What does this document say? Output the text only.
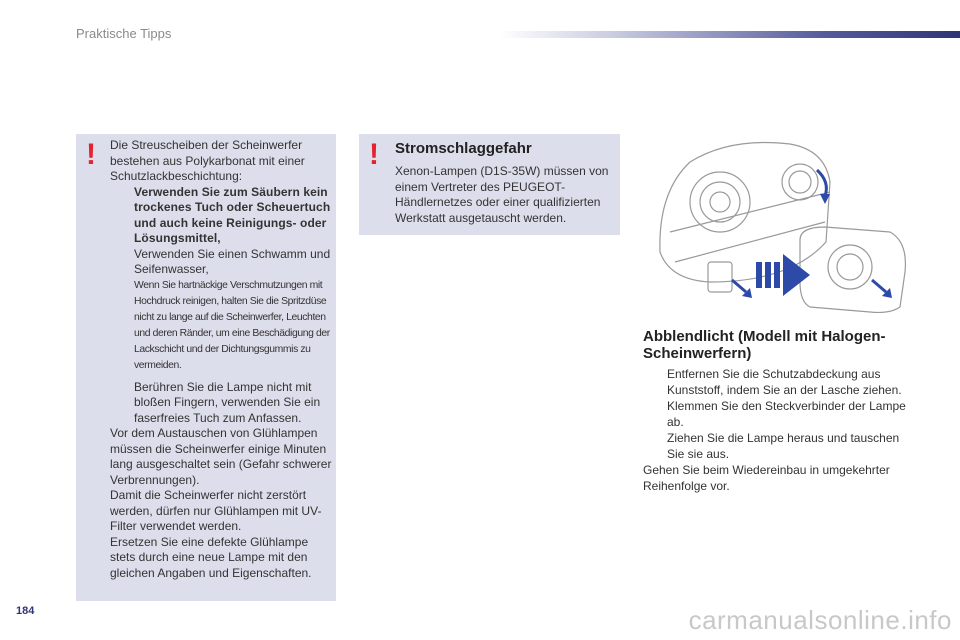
Praktische Tipps
! Die Streuscheiben der Scheinwerfer bestehen aus Polykarbonat mit einer Schutzlackbeschichtung:
Verwenden Sie zum Säubern kein trockenes Tuch oder Scheuertuch und auch keine Reinigungs- oder Lösungsmittel,
Verwenden Sie einen Schwamm und Seifenwasser,
Wenn Sie hartnäckige Verschmutzungen mit Hochdruck reinigen, halten Sie die Spritzdüse nicht zu lange auf die Scheinwerfer, Leuchten und deren Ränder, um eine Beschädigung der Lackschicht und der Dichtungsgummis zu vermeiden.
Berühren Sie die Lampe nicht mit bloßen Fingern, verwenden Sie ein faserfreies Tuch zum Anfassen.
Vor dem Austauschen von Glühlampen müssen die Scheinwerfer einige Minuten lang ausgeschaltet sein (Gefahr schwerer Verbrennungen).
Damit die Scheinwerfer nicht zerstört werden, dürfen nur Glühlampen mit UV-Filter verwendet werden.
Ersetzen Sie eine defekte Glühlampe stets durch eine neue Lampe mit den gleichen Angaben und Eigenschaften.
! Stromschlaggefahr
Xenon-Lampen (D1S-35W) müssen von einem Vertreter des PEUGEOT-Händlernetzes oder einer qualifizierten Werkstatt ausgetauscht werden.
Abblendlicht (Modell mit Halogen-Scheinwerfern)
Entfernen Sie die Schutzabdeckung aus Kunststoff, indem Sie an der Lasche ziehen.
Klemmen Sie den Steckverbinder der Lampe ab.
Ziehen Sie die Lampe heraus und tauschen Sie sie aus.
Gehen Sie beim Wiedereinbau in umgekehrter Reihenfolge vor.
184	carmanualsonline.info
